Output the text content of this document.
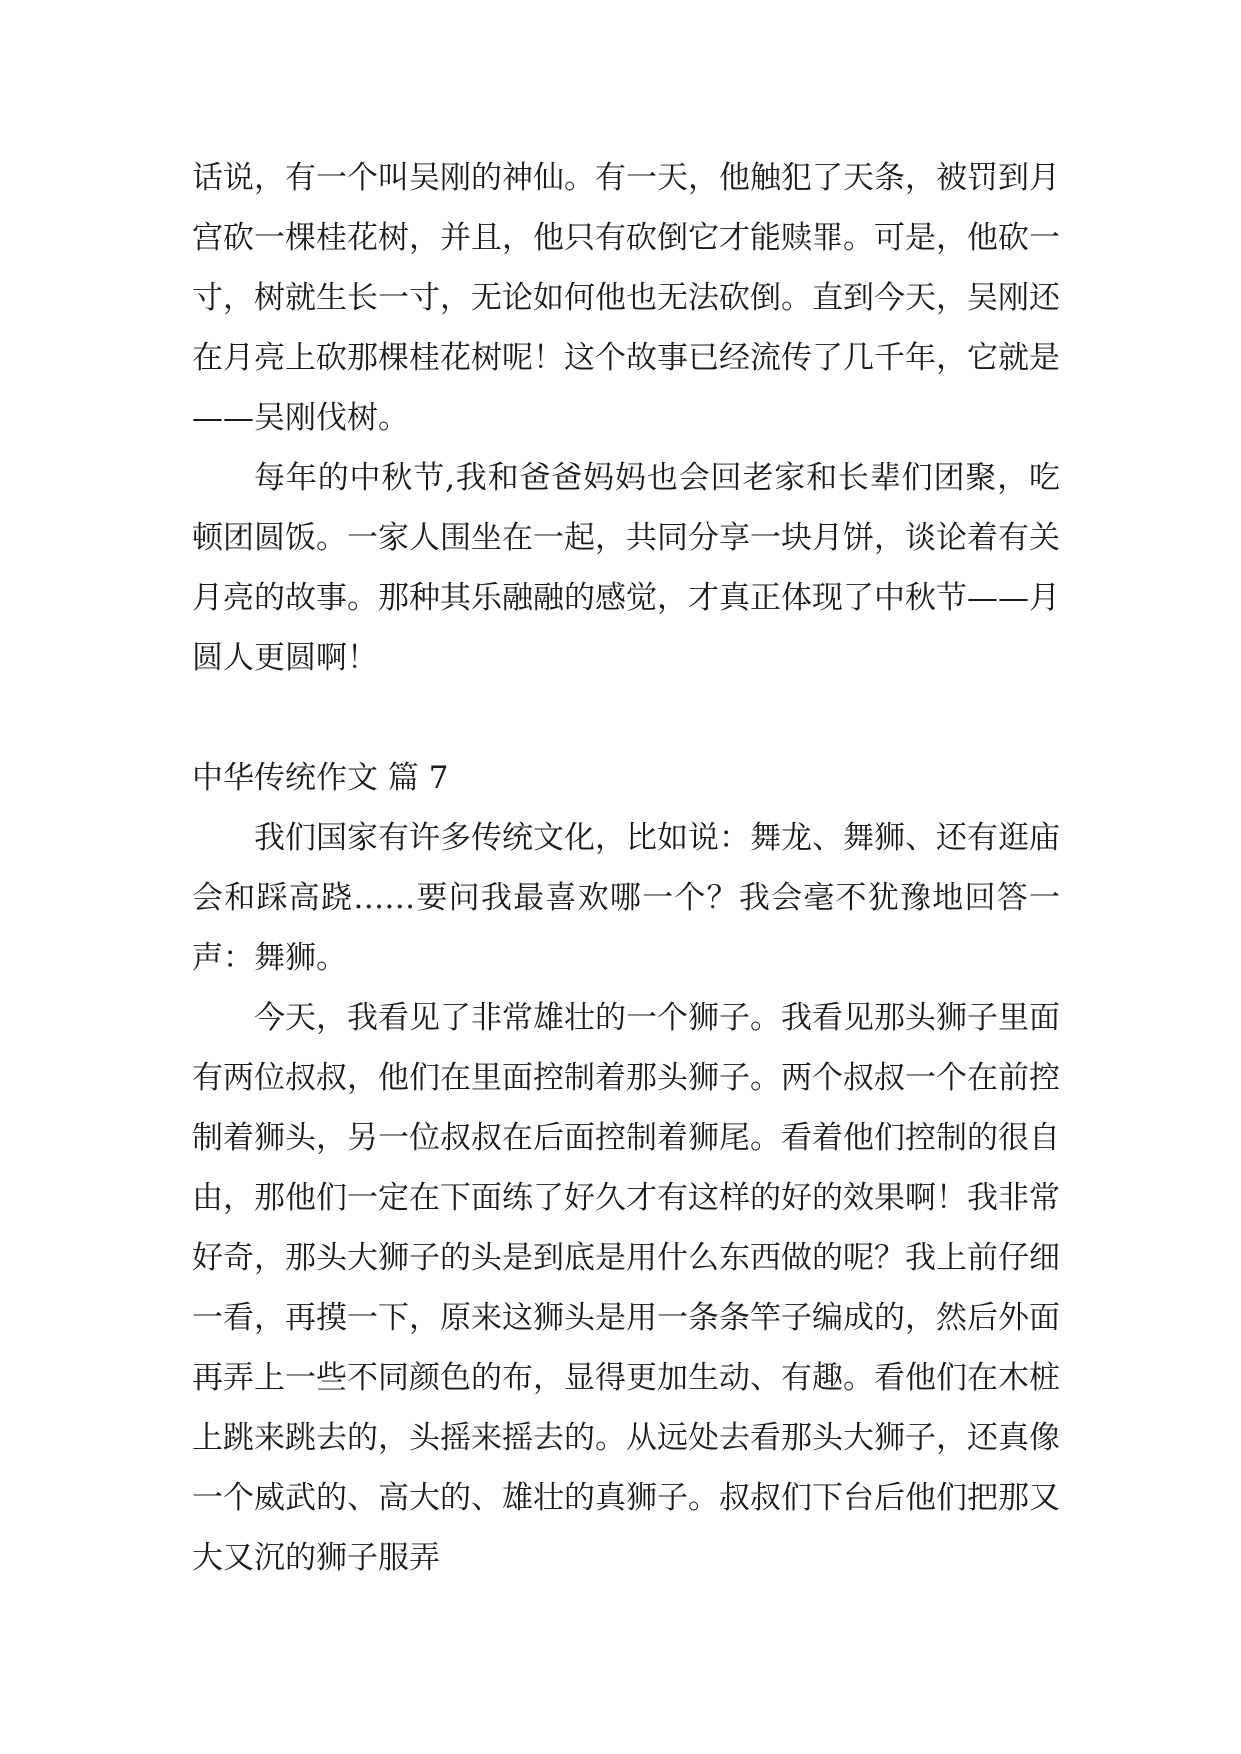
话说，有一个叫吴刚的神仙。有一天，他触犯了天条，被罚到月宫砍一棵桂花树，并且，他只有砍倒它才能赎罪。可是，他砍一寸，树就生长一寸，无论如何他也无法砍倒。直到今天，吴刚还在月亮上砍那棵桂花树呢！这个故事已经流传了几千年，它就是——吴刚伐树。

每年的中秋节,我和爸爸妈妈也会回老家和长辈们团聚，吃顿团圆饭。一家人围坐在一起，共同分享一块月饼，谈论着有关月亮的故事。那种其乐融融的感觉，才真正体现了中秋节——月圆人更圆啊！

中华传统作文 篇 7

我们国家有许多传统文化，比如说：舞龙、舞狮、还有逛庙会和踩高跷……要问我最喜欢哪一个？我会毫不犹豫地回答一声：舞狮。

今天，我看见了非常雄壮的一个狮子。我看见那头狮子里面有两位叔叔，他们在里面控制着那头狮子。两个叔叔一个在前控制着狮头，另一位叔叔在后面控制着狮尾。看着他们控制的很自由，那他们一定在下面练了好久才有这样的好的效果啊！我非常好奇，那头大狮子的头是到底是用什么东西做的呢？我上前仔细一看，再摸一下，原来这狮头是用一条条竿子编成的，然后外面再弄上一些不同颜色的布，显得更加生动、有趣。看他们在木桩上跳来跳去的，头摇来摇去的。从远处去看那头大狮子，还真像一个威武的、高大的、雄壮的真狮子。叔叔们下台后他们把那又大又沉的狮子服弄
